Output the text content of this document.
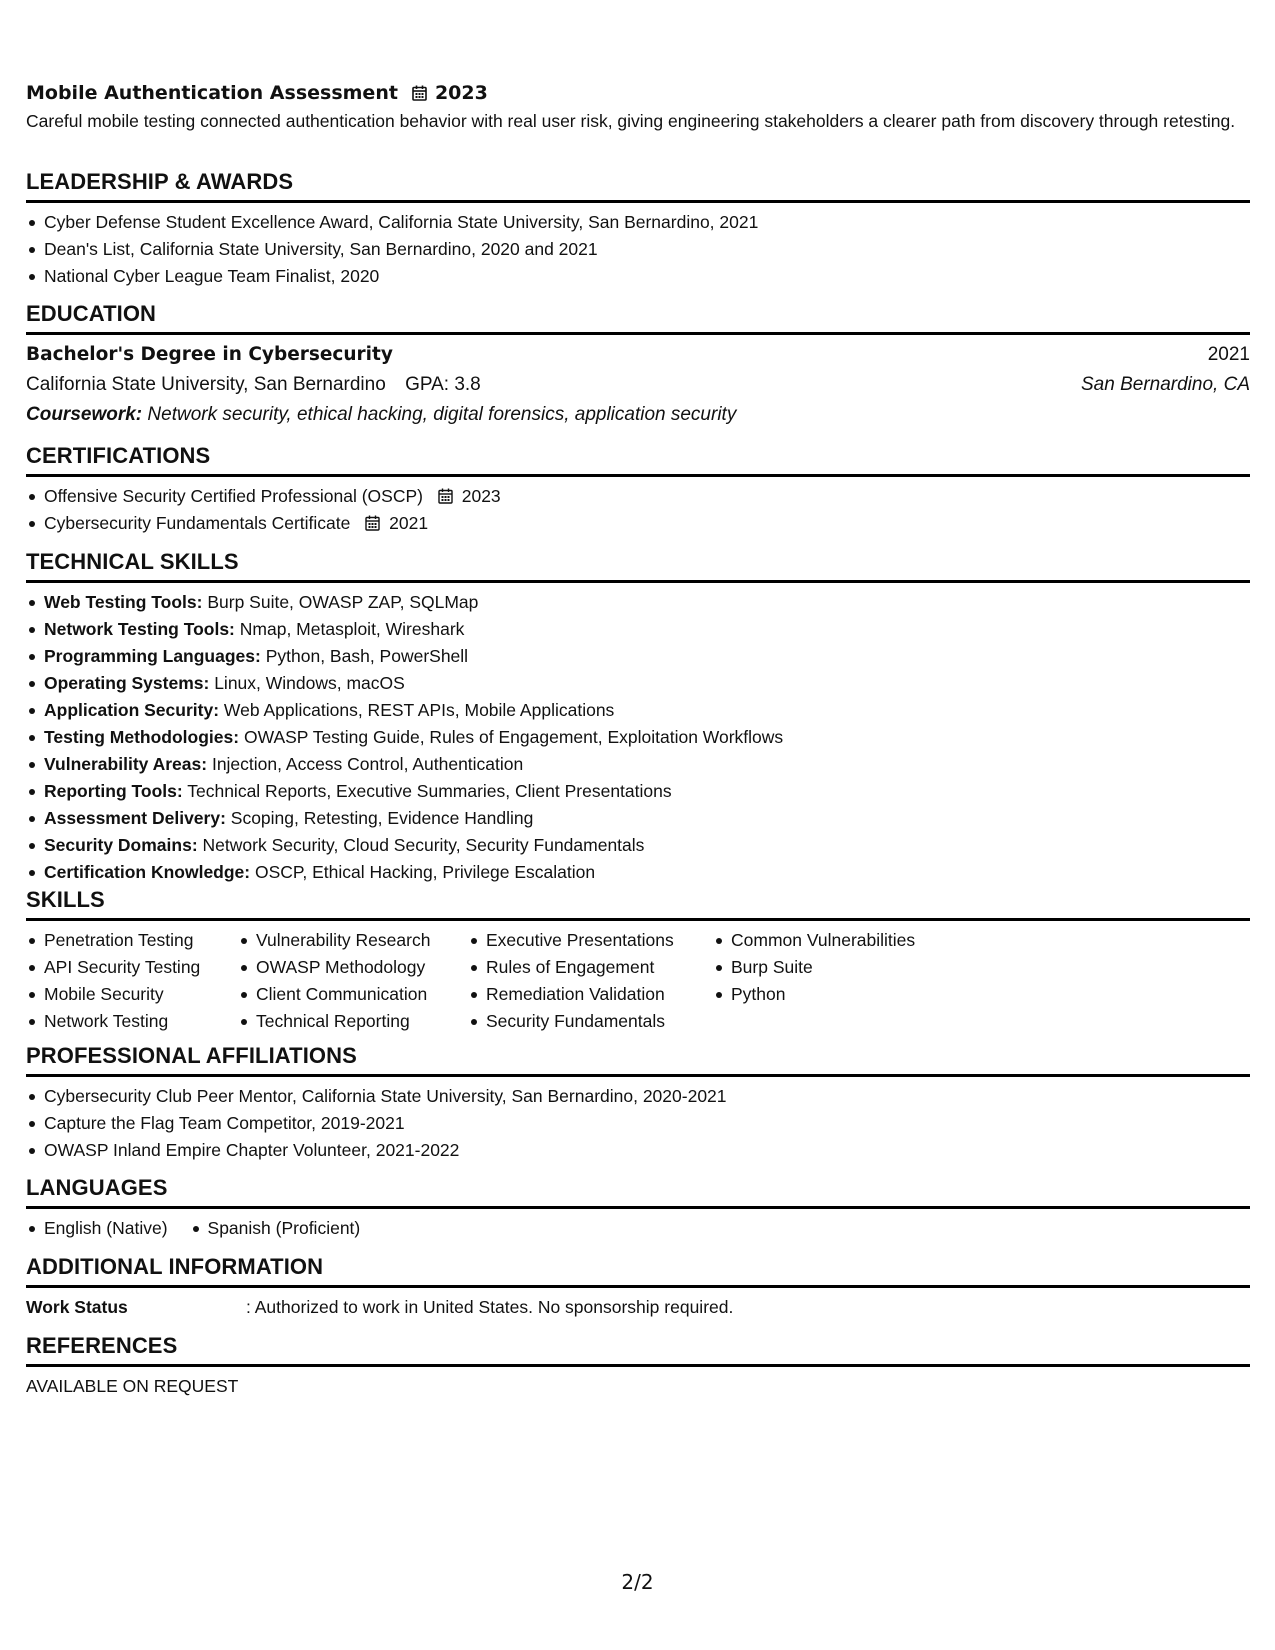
Mobile Authentication Assessment 2023
Careful mobile testing connected authentication behavior with real user risk, giving engineering stakeholders a clearer path from discovery through retesting.
LEADERSHIP & AWARDS
Cyber Defense Student Excellence Award, California State University, San Bernardino, 2021
Dean's List, California State University, San Bernardino, 2020 and 2021
National Cyber League Team Finalist, 2020
EDUCATION
Bachelor's Degree in Cybersecurity	2021
California State University, San Bernardino GPA: 3.8	San Bernardino, CA
Coursework: Network security, ethical hacking, digital forensics, application security
CERTIFICATIONS
Offensive Security Certified Professional (OSCP) 2023
Cybersecurity Fundamentals Certificate 2021
TECHNICAL SKILLS
Web Testing Tools: Burp Suite, OWASP ZAP, SQLMap
Network Testing Tools: Nmap, Metasploit, Wireshark
Programming Languages: Python, Bash, PowerShell
Operating Systems: Linux, Windows, macOS
Application Security: Web Applications, REST APIs, Mobile Applications
Testing Methodologies: OWASP Testing Guide, Rules of Engagement, Exploitation Workflows
Vulnerability Areas: Injection, Access Control, Authentication
Reporting Tools: Technical Reports, Executive Summaries, Client Presentations
Assessment Delivery: Scoping, Retesting, Evidence Handling
Security Domains: Network Security, Cloud Security, Security Fundamentals
Certification Knowledge: OSCP, Ethical Hacking, Privilege Escalation
SKILLS
Penetration Testing
API Security Testing
Mobile Security
Network Testing
Vulnerability Research
OWASP Methodology
Client Communication
Technical Reporting
Executive Presentations
Rules of Engagement
Remediation Validation
Security Fundamentals
Common Vulnerabilities
Burp Suite
Python
PROFESSIONAL AFFILIATIONS
Cybersecurity Club Peer Mentor, California State University, San Bernardino, 2020-2021
Capture the Flag Team Competitor, 2019-2021
OWASP Inland Empire Chapter Volunteer, 2021-2022
LANGUAGES
English (Native)	Spanish (Proficient)
ADDITIONAL INFORMATION
Work Status	: Authorized to work in United States. No sponsorship required.
REFERENCES
AVAILABLE ON REQUEST
2/2
